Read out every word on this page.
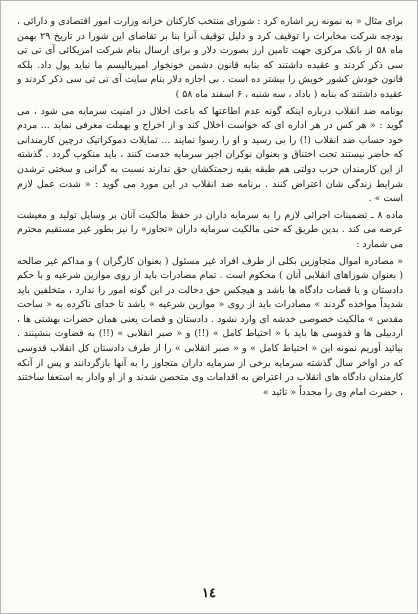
برای مثال « به نمونه زیر اشاره کرد : شورای منتخب کارکنان خزانه وزارت امور اقتصادی و دارائی ، بودجه شرکت مخابرات را توقیف کرد و دلیل توقیف آنرا بنا بر تقاضای این شورا در تاریخ ۲۹ بهمن ماه ۵۸ از بانک مرکزی جهت تامین ارز بصورت دلار و برای ارسال بنام شرکت امریکائی آی تی تی سی ذکر کردند و عقیده داشتند که بنابه قانون دشمن خونخوار امپریالیسم ما نباید پول داد. بلکه قانون خودش کشور خویش را بیشتر ده است . بی اجازه دلار بنام سایت آی تی تی سی ذکر کردند و عقیده داشتند که بنابه ( باداد ، سه شنبه ، ۶ اسفند ماه ۵۸ )

بونامه ضد انقلاب درباره اینکه گونه عدم اطاعتها که باعث اخلال در امنیت سرمایه می شود ، می گوید : « هر کس در هر اداره ای که خواست اخلال کند و از اخراج و بهملت معرفی نماید ... مردم خود حساب ضد انقلاب (!) را بی رسید و او را رسوا نمایند ... تمایلات دموکراتیک درچین کارمندانی که حاضر نیستند تحت اختناق و بعنوان نوکران اجیر سرمایه خدمت کنند ، باید منکوب گردد . گذشته از این کارمندان حزب دولتی هم طبقه بقیه زحمتکشان حق ندارند نسبت به گرانی و سختی ترشدن شرایط زندگی شان اعتراض کنند . برنامه ضد انقلاب در این مورد می گوید : « شدت عمل لازم است » .

ماده ۸ ـ تضمینات اجرائی لازم را به سرمایه داران در حفظ مالکیت آنان بر وسایل تولید و معیشت عرضه می کند . بدین طریق که حتی مالکیت سرمایه داران «تجاوز» را نیز بطور غیر مستقیم محترم می شمارد :

« مصادره اموال متجاوزین بکلی از طرف افراد غیر مسئول ( بعنوان کارگران ) و مداکم غیر صالحه ( بعنوان شوراهای انقلابی آنان ) محکوم است . تمام مصادرات باید از روی موازین شرعیه و با حکم دادستان و یا قضات دادگاه ها باشد و هیچکس حق دخالت در این گونه امور را ندارد ، متخلفین باید شدیداً مواخذه گردند » مصادرات باید از روی « موازین شرعیه » باشد تا خدای ناکرده به « ساحت مقدس » مالکیت خصوصی خدشه ای وارد نشود . دادستان و قضات یعنی همان حضرات بهشتی ها ، اردبیلی ها و قدوسی ها باید با « احتیاط کامل » (!!) و « صبر انقلابی » (!!) به قضاوت بنشینند . بیائید آوریم نمونه این « احتیاط کامل » و « صبر انقلابی » را از طرف دادستان کل انقلاب قدوسی که در اواخر سال گذشته سرمایه برخی از سرمایه داران متجاوز را به آنها بازگردانند و پس از آنکه کارمندان دادگاه های انقلاب در اعتراض به اقدامات وی متحصن شدند و از او وادار به استعفا ساختند ، حضرت امام وی را مجدداً « تائید »

١٤
